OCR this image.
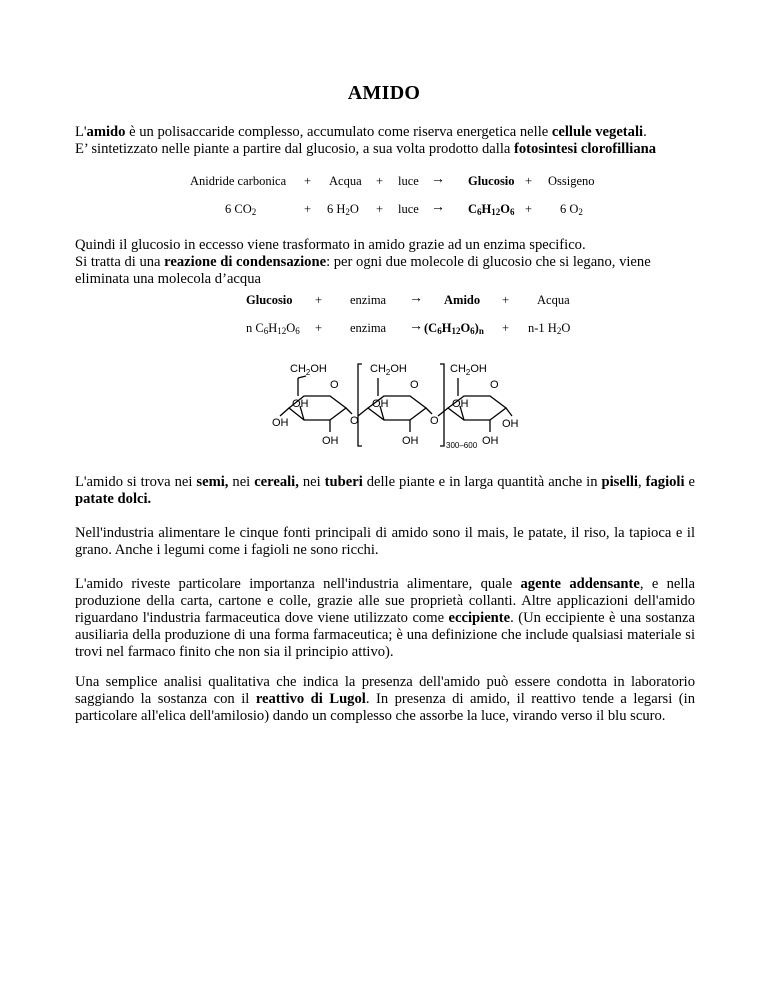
AMIDO

L'amido è un polisaccaride complesso, accumulato come riserva energetica nelle cellule vegetali.
E’ sintetizzato nelle piante a partire dal glucosio, a sua volta prodotto dalla fotosintesi clorofilliana

Anidride carbonica + Acqua + luce → Glucosio + Ossigeno
6 $CO_2$	+ 6 $H_2O$ + luce → $C_6H_{12}O_6 + 6$ $O_2$

Quindi il glucosio in eccesso viene trasformato in amido grazie ad un enzima specifico.
Si tratta di una reazione di condensazione: per ogni due molecole di glucosio che si legano, viene
eliminata una molecola d’acqua

Glucosio + enzima → Amido + Acqua
n $C_6H_{12}O_6$ + enzima → $(C_6H_{12}O_6)_n + n-1$ $H_2O$
$CH_2OH$	$CH_2OH$	$CH_2OH$
O	O	O
OH	OH	OH
OH
OH	OH	OH
O	O	OH
300–600

L'amido si trova nei semi, nei cereali, nei tuberi delle piante e in larga quantità anche in piselli, fagioli e patate dolci.

Nell'industria alimentare le cinque fonti principali di amido sono il mais, le patate, il riso, la tapioca e il grano. Anche i legumi come i fagioli ne sono ricchi.

L'amido riveste particolare importanza nell'industria alimentare, quale agente addensante, e nella produzione della carta, cartone e colle, grazie alle sue proprietà collanti. Altre applicazioni dell'amido riguardano l'industria farmaceutica dove viene utilizzato come eccipiente. (Un eccipiente è una sostanza ausiliaria della produzione di una forma farmaceutica; è una definizione che include qualsiasi materiale si trovi nel farmaco finito che non sia il principio attivo).

Una semplice analisi qualitativa che indica la presenza dell'amido può essere condotta in laboratorio saggiando la sostanza con il reattivo di Lugol. In presenza di amido, il reattivo tende a legarsi (in particolare all'elica dell'amilosio) dando un complesso che assorbe la luce, virando verso il blu scuro.
